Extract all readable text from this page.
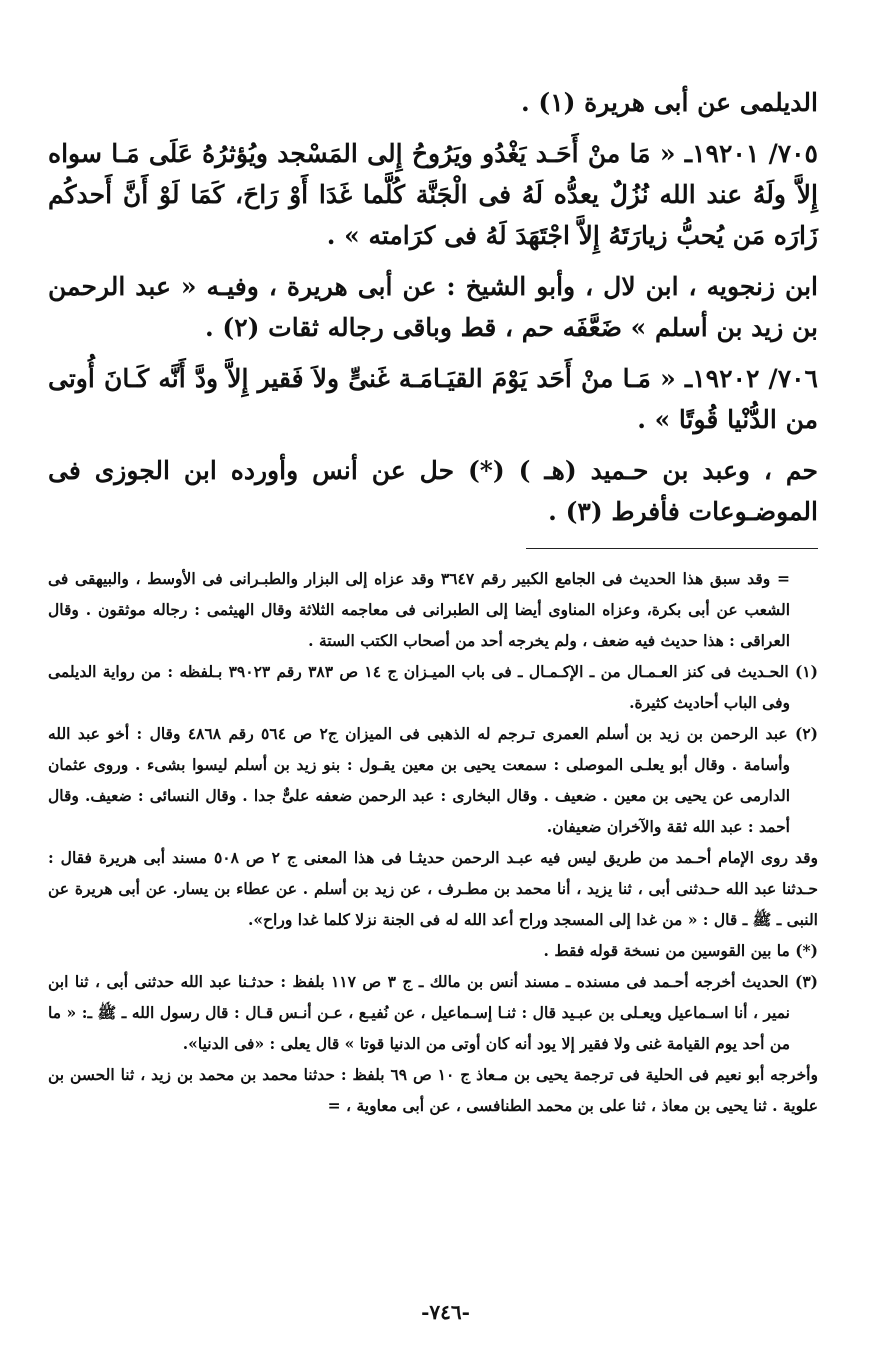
الديلمى عن أبى هريرة (١) .

٧٠٥/ ١٩٢٠١ـ « مَا منْ أَحَـد يَغْدُو ويَرُوحُ إِلى المَسْجد ويُؤثرُهُ عَلَى مَـا سواه إِلاَّ ولَهُ عند الله نُزُلٌ يعدُّه لَهُ فى الْجَنَّة كُلَّما غَدَا أَوْ رَاحَ، كَمَا لَوْ أَنَّ أَحدكُم زَارَه مَن يُحبُّ زيارَتَهُ إِلاَّ اجْتَهَدَ لَهُ فى كرَامته » .

ابن زنجويه ، ابن لال ، وأبو الشيخ : عن أبى هريرة ، وفيـه « عبد الرحمن بن زيد بن أسلم » ضَعَّفَه حم ، قط وباقى رجاله ثقات (٢) .

٧٠٦/ ١٩٢٠٢ـ « مَـا منْ أَحَد يَوْمَ القيَـامَـة غَنىٍّ ولاَ فَقير إِلاَّ ودَّ أَنَّه كَـانَ أُوتى من الدُّنْيا قُوتًا » .

حم ، وعبد بن حـميد (هـ ) (*) حل عن أنس وأورده ابن الجوزى فى الموضـوعات فأفرط (٣) .

= وقد سبق هذا الحديث فى الجامع الكبير رقم ٣٦٤٧ وقد عزاه إلى البزار والطبـرانى فى الأوسط ، والبيهقى فى الشعب عن أبى بكرة، وعزاه المناوى أيضا إلى الطبرانى فى معاجمه الثلاثة وقال الهيثمى : رجاله موثقون . وقال العراقى : هذا حديث فيه ضعف ، ولم يخرجه أحد من أصحاب الكتب الستة .

(١) الحـديث فى كنز العـمـال من ـ الإكـمـال ـ فى باب الميـزان ج ١٤ ص ٣٨٣ رقم ٣٩٠٢٣ بـلفظه : من رواية الديلمى وفى الباب أحاديث كثيرة.

(٢) عبد الرحمن بن زيد بن أسلم العمرى تـرجم له الذهبى فى الميزان ج٢ ص ٥٦٤ رقم ٤٨٦٨ وقال : أخو عبد الله وأسامة . وقال أبو يعلـى الموصلى : سمعت يحيى بن معين يقـول : بنو زيد بن أسلم ليسوا بشىء . وروى عثمان الدارمى عن يحيى بن معين . ضعيف . وقال البخارى : عبد الرحمن ضعفه علىٌّ جدا . وقال النسائى : ضعيف. وقال أحمد : عبد الله ثقة والآخران ضعيفان.

وقد روى الإمام أحـمد من طريق ليس فيه عبـد الرحمن حديثـا فى هذا المعنى ج ٢ ص ٥٠٨ مسند أبى هريرة فقال : حـدثنا عبد الله حـدثنى أبى ، ثنا يزيد ، أنا محمد بن مطـرف ، عن زيد بن أسلم . عن عطاء بن يسار. عن أبى هريرة عن النبى ـ ﷺ ـ قال : « من غدا إلى المسجد وراح أعد الله له فى الجنة نزلا كلما غدا وراح».

(*) ما بين القوسين من نسخة قوله فقط .

(٣) الحديث أخرجه أحـمد فى مسنده ـ مسند أنس بن مالك ـ ج ٣ ص ١١٧ بلفظ : حدثـنا عبد الله حدثنى أبى ، ثنا ابن نمير ، أنا اسـماعيل ويعـلى بن عبـيد قال : ثنـا إسـماعيل ، عن نُفيـع ، عـن أنـس قـال : قال رسول الله ـ ﷺ ـ: « ما من أحد يوم القيامة غنى ولا فقير إلا يود أنه كان أوتى من الدنيا قوتا » قال يعلى : «فى الدنيا».

وأخرجه أبو نعيم فى الحلية فى ترجمة يحيى بن مـعاذ ج ١٠ ص ٦٩ بلفظ : حدثنا محمد بن محمد بن زيد ، ثنا الحسن بن علوية . ثنا يحيى بن معاذ ، ثنا على بن محمد الطنافسى ، عن أبى معاوية ، =

-٧٤٦-
